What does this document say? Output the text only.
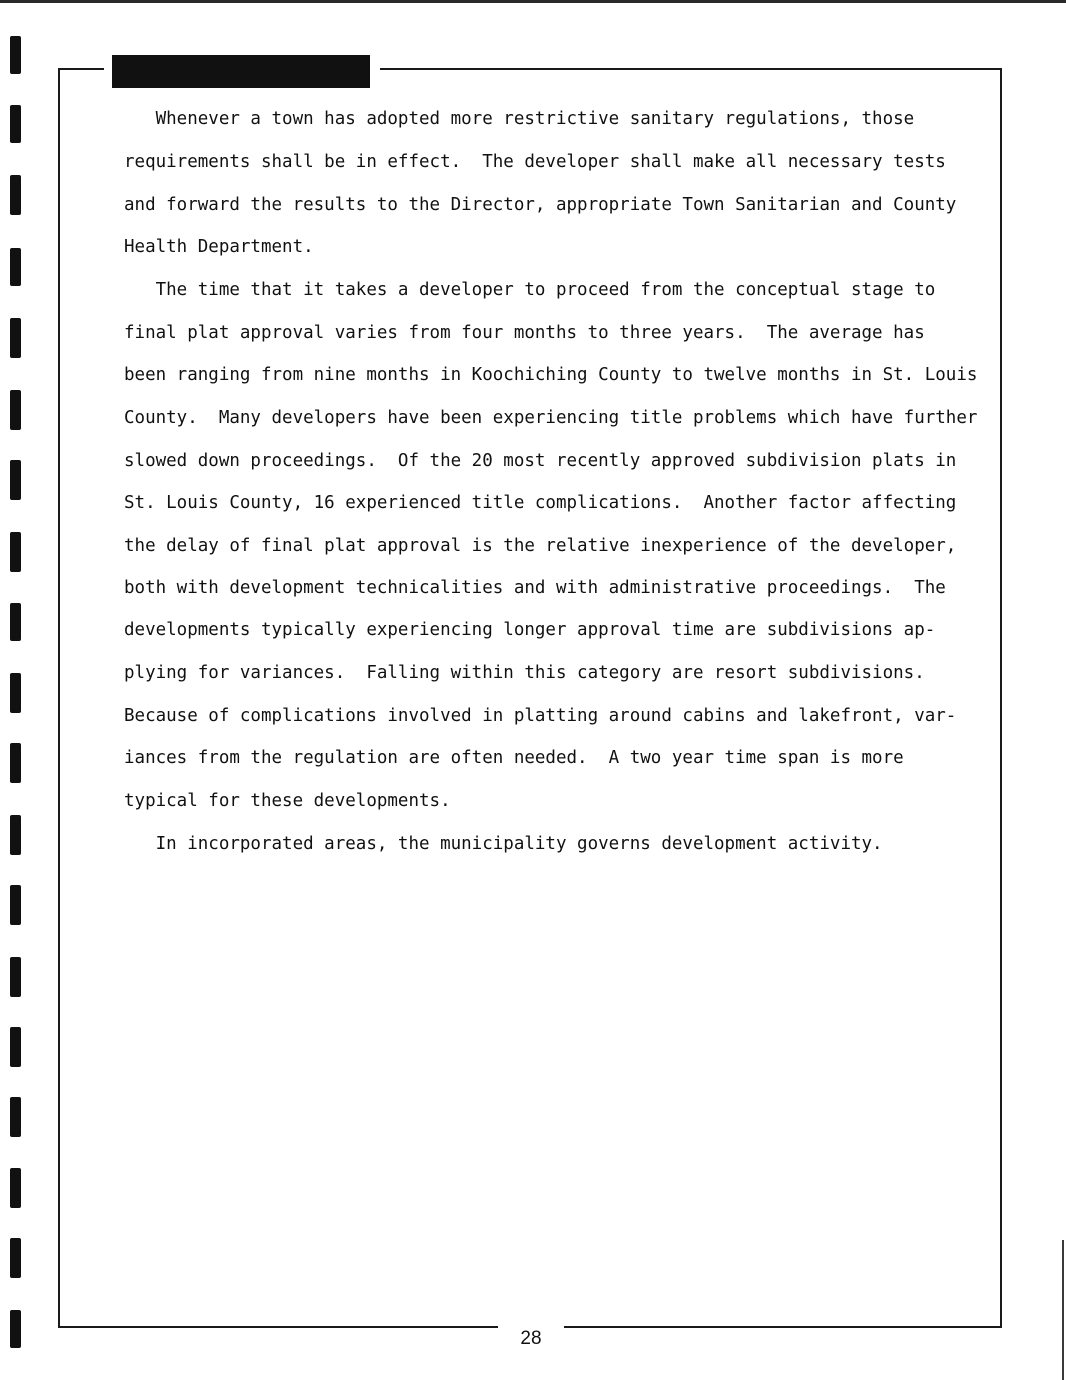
Whenever a town has adopted more restrictive sanitary regulations, those
requirements shall be in effect.  The developer shall make all necessary tests
and forward the results to the Director, appropriate Town Sanitarian and County
Health Department.
The time that it takes a developer to proceed from the conceptual stage to
final plat approval varies from four months to three years.  The average has
been ranging from nine months in Koochiching County to twelve months in St. Louis
County.  Many developers have been experiencing title problems which have further
slowed down proceedings.  Of the 20 most recently approved subdivision plats in
St. Louis County, 16 experienced title complications.  Another factor affecting
the delay of final plat approval is the relative inexperience of the developer,
both with development technicalities and with administrative proceedings.  The
developments typically experiencing longer approval time are subdivisions ap-
plying for variances.  Falling within this category are resort subdivisions.
Because of complications involved in platting around cabins and lakefront, var-
iances from the regulation are often needed.  A two year time span is more
typical for these developments.
In incorporated areas, the municipality governs development activity.
28
